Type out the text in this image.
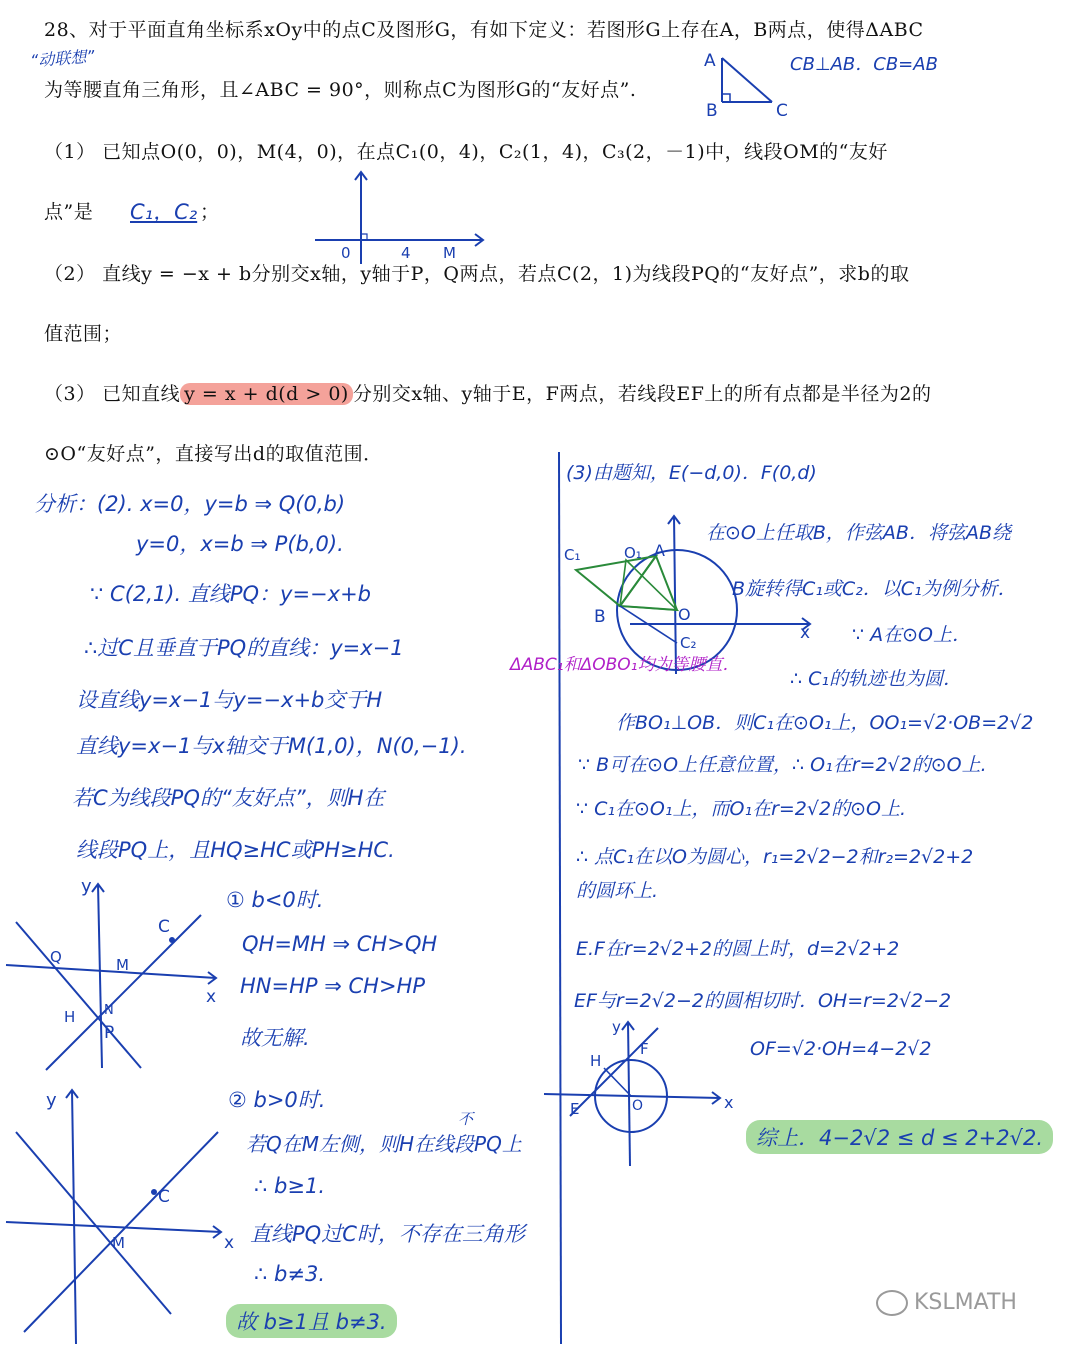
28、对于平面直角坐标系xOy中的点C及图形G，有如下定义：若图形G上存在A，B两点，使得ΔABC
“动联想”
为等腰直角三角形，且∠ABC = 90°，则称点C为图形G的“友好点”.
A
B	C
CB⊥AB．CB=AB
（1） 已知点O(0，0)，M(4，0)，在点C₁(0，4)，C₂(1，4)，C₃(2，－1)中，线段OM的“友好
点”是 C₁，C₂ ；
0	4 M
（2） 直线y = −x + b分别交x轴，y轴于P，Q两点，若点C(2，1)为线段PQ的“友好点”，求b的取
值范围；
（3） 已知直线 y = x + d(d > 0) 分别交x轴、y轴于E，F两点，若线段EF上的所有点都是半径为2的
⊙O“友好点”，直接写出d的取值范围．
分析：(2). x=0，y=b ⇒ Q(0,b)
y=0，x=b ⇒ P(b,0).
∵ C(2,1). 直线PQ：y=−x+b
∴过C且垂直于PQ的直线：y=x−1
设直线y=x−1与y=−x+b交于H
直线y=x−1与x轴交于M(1,0)，N(0,−1).
若C为线段PQ的“友好点”，则H在
线段PQ上，且HQ≥HC或PH≥HC.
y
Q
C
M
x
H N
P
① b<0时.
QH=MH ⇒ CH>QH
HN=HP ⇒ CH>HP
故无解.
y
C
M	x
② b>0时.
不
若Q在M左侧，则H在线段PQ上
∴ b≥1.
直线PQ过C时，不存在三角形
∴ b≠3.
故 b≥1且 b≠3.
(3)由题知，E(−d,0)．F(0,d)
C₁	O₁ A
B	O
C₂	x
在⊙O上任取B，作弦AB．将弦AB绕
B旋转得C₁或C₂．以C₁为例分析．
∵ A在⊙O上．
ΔABC₁和ΔOBO₁均为等腰直．
∴ C₁的轨迹也为圆．
作BO₁⊥OB．则C₁在⊙O₁上，OO₁=√2·OB=2√2
∵ B可在⊙O上任意位置，∴ O₁在r=2√2的⊙O上.
∵ C₁在⊙O₁上，而O₁在r=2√2的⊙O上.
∴ 点C₁在以O为圆心，r₁=2√2−2和r₂=2√2+2
的圆环上.
E.F在r=2√2+2的圆上时，d=2√2+2
EF与r=2√2−2的圆相切时．OH=r=2√2−2
y
H
F
E	O	x
OF=√2·OH=4−2√2
综上．4−2√2 ≤ d ≤ 2+2√2.
KSLMATH
